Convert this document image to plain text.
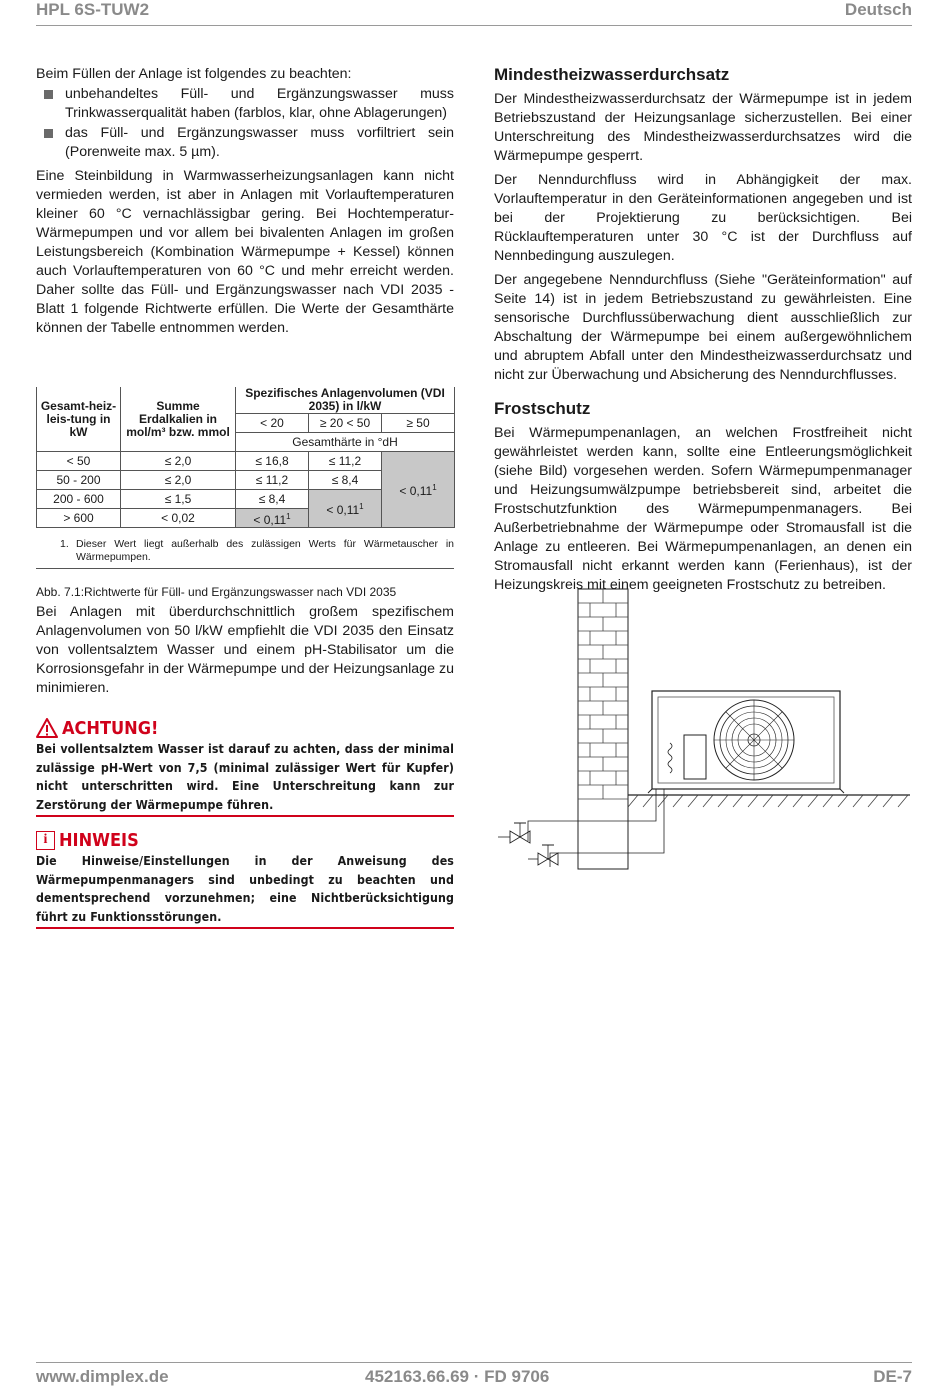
HPL 6S-TUW2	Deutsch
Beim Füllen der Anlage ist folgendes zu beachten:
unbehandeltes Füll- und Ergänzungswasser muss Trinkwasserqualität haben (farblos, klar, ohne Ablagerungen)
das Füll- und Ergänzungswasser muss vorfiltriert sein (Porenweite max. 5 µm).
Eine Steinbildung in Warmwasserheizungsanlagen kann nicht vermieden werden, ist aber in Anlagen mit Vorlauftemperaturen kleiner 60 °C vernachlässigbar gering. Bei Hochtemperatur-Wärmepumpen und vor allem bei bivalenten Anlagen im großen Leistungsbereich (Kombination Wärmepumpe + Kessel) können auch Vorlauftemperaturen von 60 °C und mehr erreicht werden. Daher sollte das Füll- und Ergänzungswasser nach VDI 2035 - Blatt 1 folgende Richtwerte erfüllen. Die Werte der Gesamthärte können der Tabelle entnommen werden.
Gesamt-heiz-leis-tung in kW	Summe Erdalkalien in mol/m³ bzw. mmol	Spezifisches Anlagenvolumen (VDI 2035) in l/kW		
		< 20	≥ 20 < 50	≥ 50
		Gesamthärte in °dH		
< 50	≤ 2,0	≤ 16,8	≤ 11,2	< $0,11^1$
50 - 200	≤ 2,0	≤ 11,2	≤ 8,4	
200 - 600	≤ 1,5	≤ 8,4	< $0,11^1$
> 600	< 0,02	< $0,11^1$
1. Dieser Wert liegt außerhalb des zulässigen Werts für Wärmetauscher in Wärmepumpen.
Abb. 7.1:Richtwerte für Füll- und Ergänzungswasser nach VDI 2035
Bei Anlagen mit überdurchschnittlich großem spezifischem Anlagenvolumen von 50 l/kW empfiehlt die VDI 2035 den Einsatz von vollentsalztem Wasser und einem pH-Stabilisator um die Korrosionsgefahr in der Wärmepumpe und der Heizungsanlage zu minimieren.
ACHTUNG!
Bei vollentsalztem Wasser ist darauf zu achten, dass der minimal zulässige pH-Wert von 7,5 (minimal zulässiger Wert für Kupfer) nicht unterschritten wird. Eine Unterschreitung kann zur Zerstörung der Wärmepumpe führen.
i HINWEIS
Die Hinweise/Einstellungen in der Anweisung des Wärmepumpenmanagers sind unbedingt zu beachten und dementsprechend vorzunehmen; eine Nichtberücksichtigung führt zu Funktionsstörungen.
Mindestheizwasserdurchsatz
Der Mindestheizwasserdurchsatz der Wärmepumpe ist in jedem Betriebszustand der Heizungsanlage sicherzustellen. Bei einer Unterschreitung des Mindestheizwasserdurchsatzes wird die Wärmepumpe gesperrt.
Der Nenndurchfluss wird in Abhängigkeit der max. Vorlauftemperatur in den Geräteinformationen angegeben und ist bei der Projektierung zu berücksichtigen. Bei Rücklauftemperaturen unter 30 °C ist der Durchfluss auf Nennbedingung auszulegen.
Der angegebene Nenndurchfluss (Siehe "Geräteinformation" auf Seite 14) ist in jedem Betriebszustand zu gewährleisten. Eine sensorische Durchflussüberwachung dient ausschließlich zur Abschaltung der Wärmepumpe bei einem außergewöhnlichem und abruptem Abfall unter den Mindestheizwasserdurchsatz und nicht zur Überwachung und Absicherung des Nenndurchflusses.
Frostschutz
Bei Wärmepumpenanlagen, an welchen Frostfreiheit nicht gewährleistet werden kann, sollte eine Entleerungsmöglichkeit (siehe Bild) vorgesehen werden. Sofern Wärmepumpenmanager und Heizungsumwälzpumpe betriebsbereit sind, arbeitet die Frostschutzfunktion des Wärmepumpenmanagers. Bei Außerbetriebnahme der Wärmepumpe oder Stromausfall ist die Anlage zu entleeren. Bei Wärmepumpenanlagen, an denen ein Stromausfall nicht erkannt werden kann (Ferienhaus), ist der Heizungskreis mit einem geeigneten Frostschutz zu betreiben.
www.dimplex.de	452163.66.69 · FD 9706	DE-7
